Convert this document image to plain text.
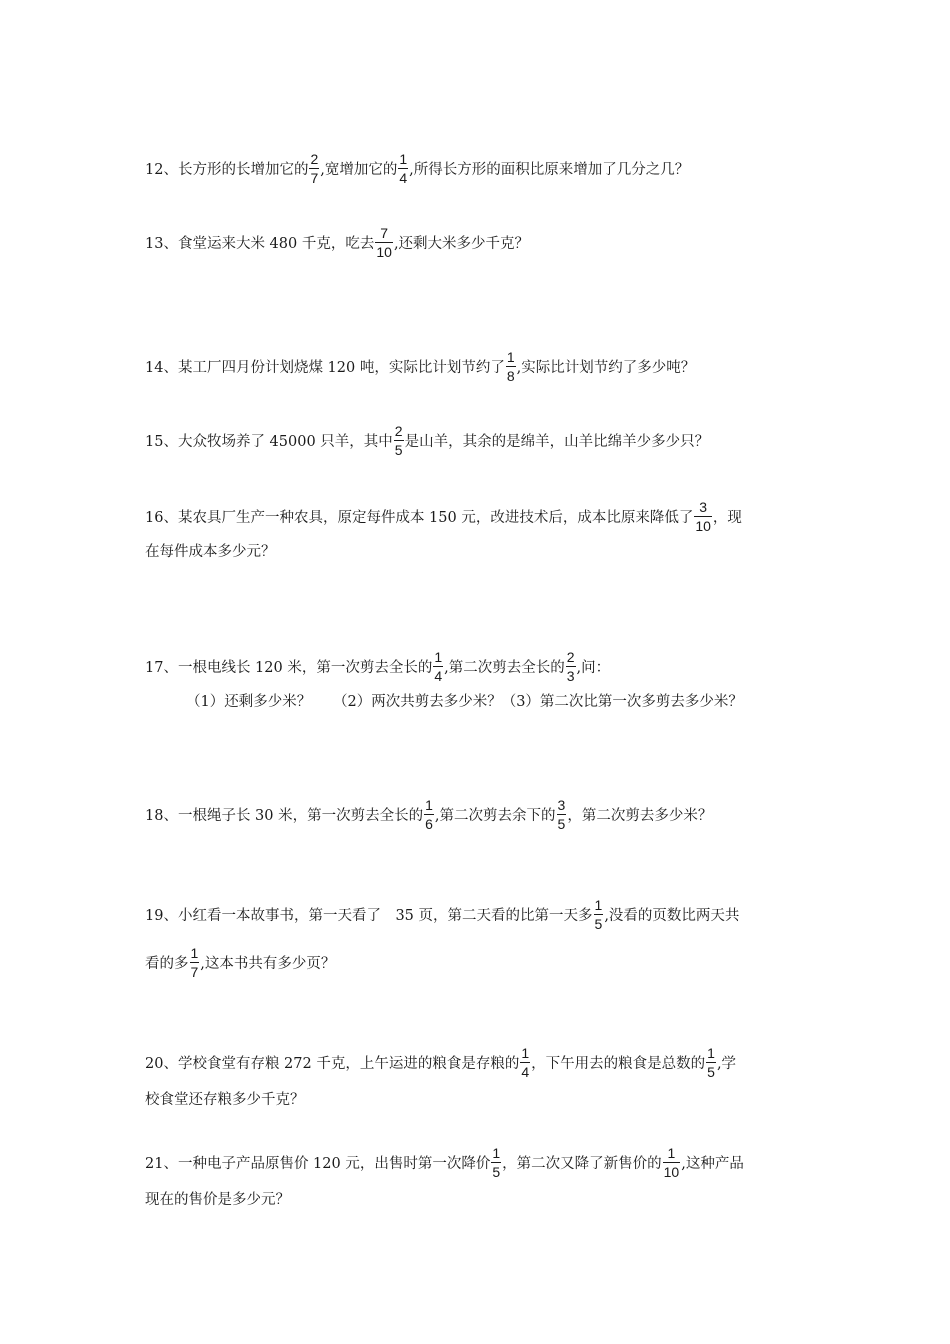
12、长方形的长增加它的 $\frac{2}{7}$ ,宽增加它的 $\frac{1}{4}$ ,所得长方形的面积比原来增加了几分之几？
13、食堂运来大米 480 千克，吃去 $\frac{7}{10}$ ,还剩大米多少千克？
14、某工厂四月份计划烧煤 120 吨，实际比计划节约了 $\frac{1}{8}$ ,实际比计划节约了多少吨？
15、大众牧场养了 45000 只羊，其中 $\frac{2}{5}$ 是山羊，其余的是绵羊，山羊比绵羊少多少只？
16、某农具厂生产一种农具，原定每件成本 150 元，改进技术后，成本比原来降低了 $\frac{3}{10}$ ，现
在每件成本多少元？
17、一根电线长 120 米，第一次剪去全长的 $\frac{1}{4}$ ,第二次剪去全长的 $\frac{2}{3}$ ,问：
（1）还剩多少米？　　（2）两次共剪去多少米？（3）第二次比第一次多剪去多少米？
18、一根绳子长 30 米，第一次剪去全长的 $\frac{1}{6}$ ,第二次剪去余下的 $\frac{3}{5}$ ，第二次剪去多少米？
19、小红看一本故事书，第一天看了　35 页，第二天看的比第一天多 $\frac{1}{5}$ ,没看的页数比两天共
看的多 $\frac{1}{7}$ ,这本书共有多少页？
20、学校食堂有存粮 272 千克，上午运进的粮食是存粮的 $\frac{1}{4}$ ，下午用去的粮食是总数的 $\frac{1}{5}$ ,学
校食堂还存粮多少千克？
21、一种电子产品原售价 120 元，出售时第一次降价 $\frac{1}{5}$ ，第二次又降了新售价的 $\frac{1}{10}$ ,这种产品
现在的售价是多少元？
